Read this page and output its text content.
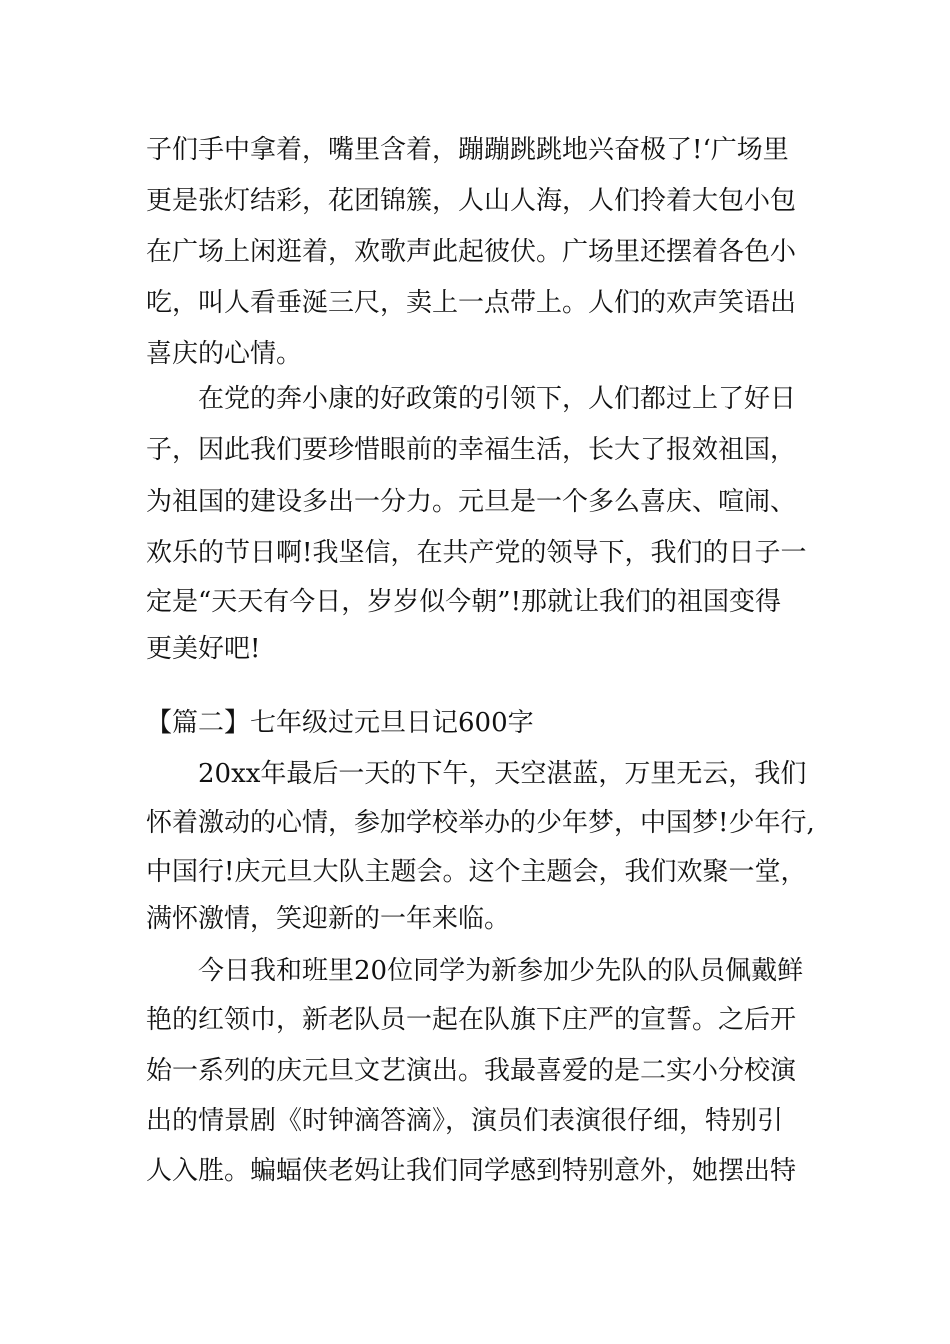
子们手中拿着，嘴里含着，蹦蹦跳跳地兴奋极了!‘广场里
更是张灯结彩，花团锦簇，人山人海，人们拎着大包小包
在广场上闲逛着，欢歌声此起彼伏。广场里还摆着各色小
吃，叫人看垂涎三尺，卖上一点带上。人们的欢声笑语出
喜庆的心情。
在党的奔小康的好政策的引领下，人们都过上了好日
子，因此我们要珍惜眼前的幸福生活，长大了报效祖国，
为祖国的建设多出一分力。元旦是一个多么喜庆、喧闹、
欢乐的节日啊!我坚信，在共产党的领导下，我们的日子一
定是“天天有今日，岁岁似今朝”!那就让我们的祖国变得
更美好吧!
【篇二】七年级过元旦日记600字
20xx年最后一天的下午，天空湛蓝，万里无云，我们
怀着激动的心情，参加学校举办的少年梦，中国梦!少年行,
中国行!庆元旦大队主题会。这个主题会，我们欢聚一堂，
满怀激情，笑迎新的一年来临。
今日我和班里20位同学为新参加少先队的队员佩戴鲜
艳的红领巾，新老队员一起在队旗下庄严的宣誓。之后开
始一系列的庆元旦文艺演出。我最喜爱的是二实小分校演
出的情景剧《时钟滴答滴》，演员们表演很仔细，特别引
人入胜。蝙蝠侠老妈让我们同学感到特别意外，她摆出特
